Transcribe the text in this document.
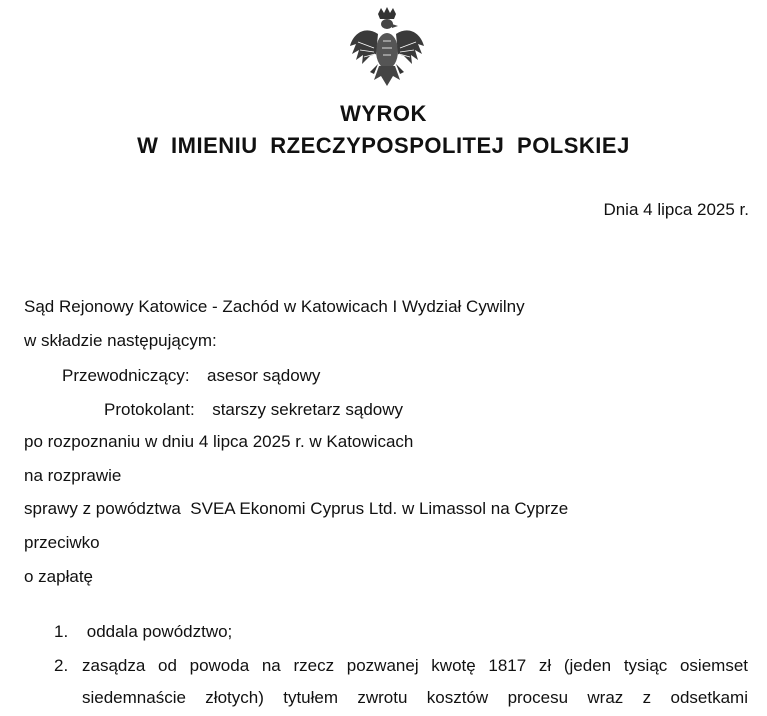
WYROK
W IMIENIU RZECZYPOSPOLITEJ POLSKIEJ
Dnia 4 lipca 2025 r.
Sąd Rejonowy Katowice - Zachód w Katowicach I Wydział Cywilny
w składzie następującym:
Przewodniczący: asesor sądowy
Protokolant: starszy sekretarz sądowy
po rozpoznaniu w dniu 4 lipca 2025 r. w Katowicach
na rozprawie
sprawy z powództwa  SVEA Ekonomi Cyprus Ltd. w Limassol na Cyprze
przeciwko
o zapłatę
1. oddala powództwo;
2. zasądza od powoda na rzecz pozwanej kwotę 1817 zł (jeden tysiąc osiemset
siedemnaście złotych) tytułem zwrotu kosztów procesu wraz z odsetkami
